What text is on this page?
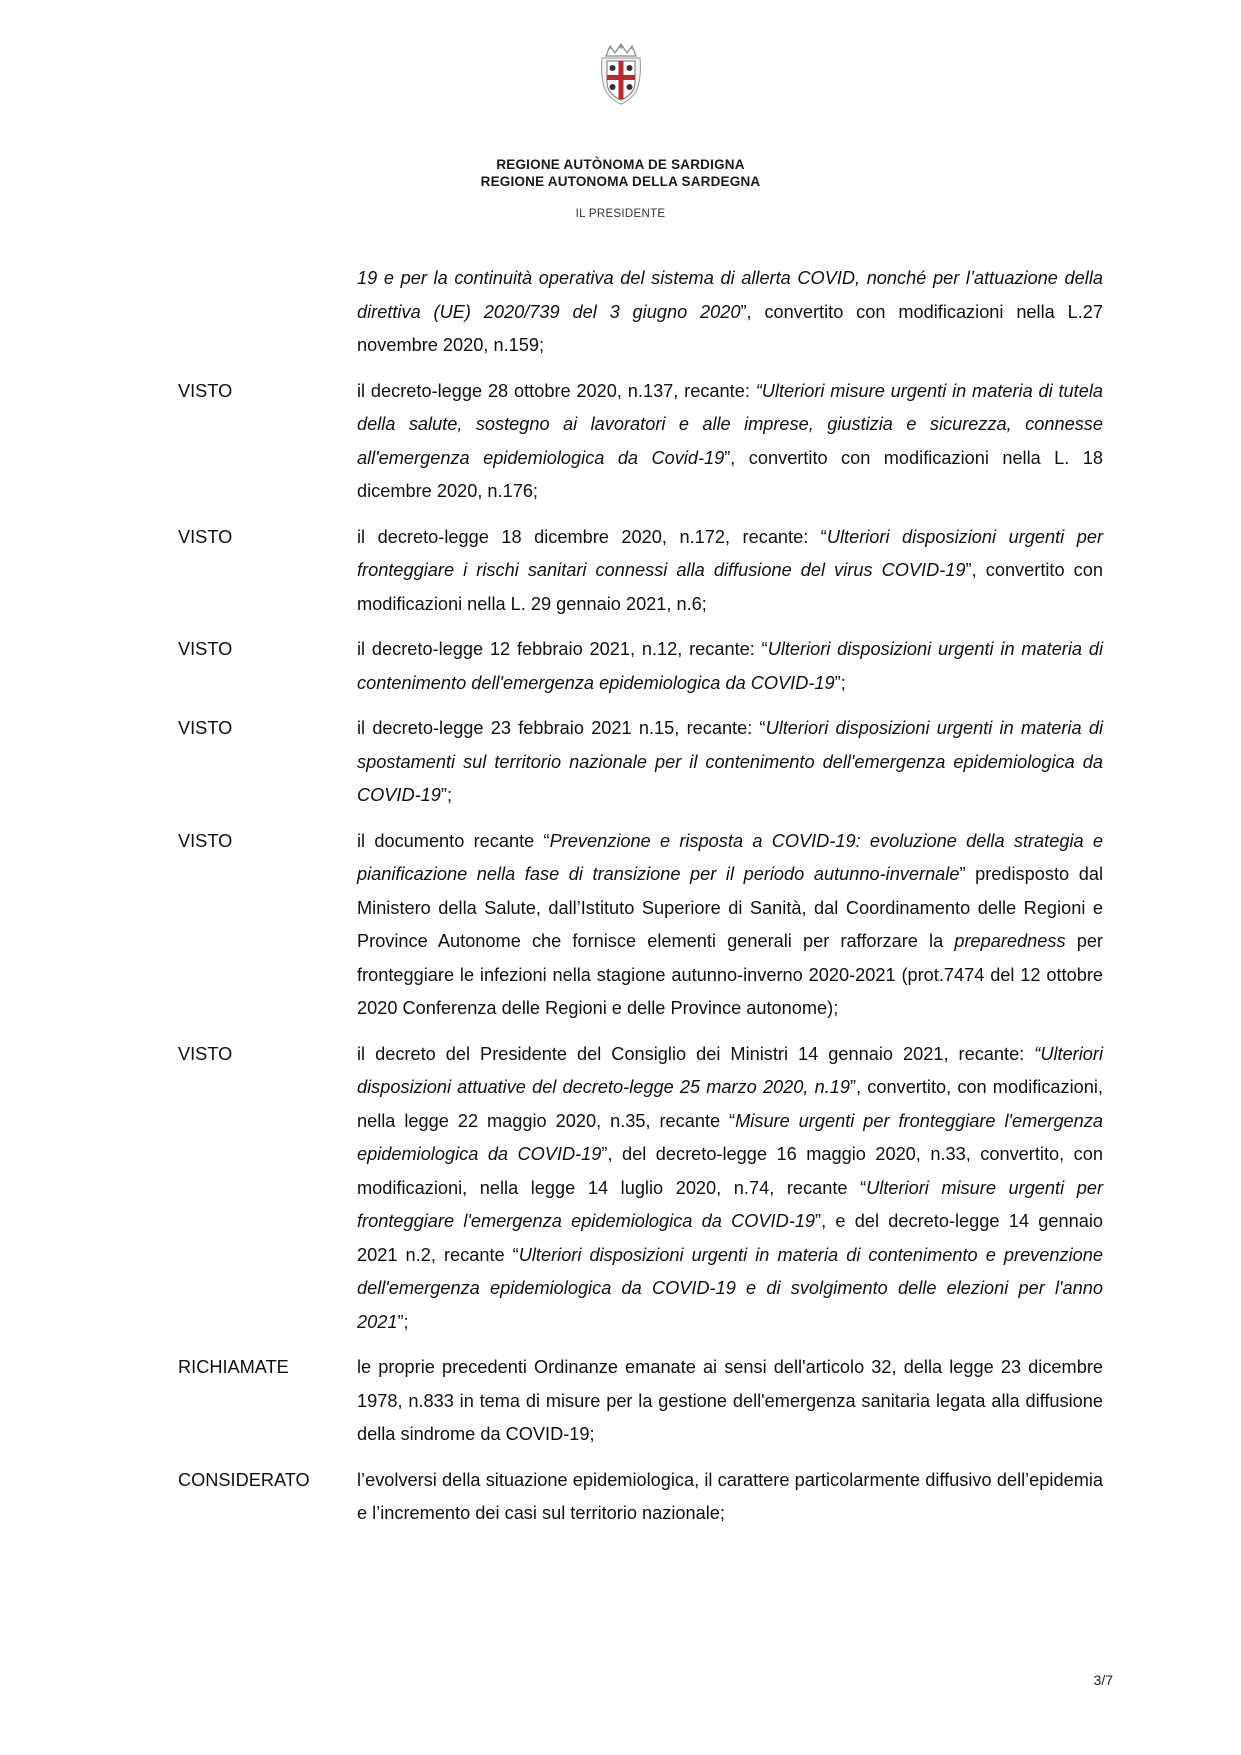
REGIONE AUTÒNOMA DE SARDIGNA
REGIONE AUTONOMA DELLA SARDEGNA
IL PRESIDENTE
19 e per la continuità operativa del sistema di allerta COVID, nonché per l’attuazione della direttiva (UE) 2020/739 del 3 giugno 2020”, convertito con modificazioni nella L.27 novembre 2020, n.159;
VISTO	il decreto-legge 28 ottobre 2020, n.137, recante: “Ulteriori misure urgenti in materia di tutela della salute, sostegno ai lavoratori e alle imprese, giustizia e sicurezza, connesse all'emergenza epidemiologica da Covid-19”, convertito con modificazioni nella L. 18 dicembre 2020, n.176;
VISTO	il decreto-legge 18 dicembre 2020, n.172, recante: “Ulteriori disposizioni urgenti per fronteggiare i rischi sanitari connessi alla diffusione del virus COVID-19”, convertito con modificazioni nella L. 29 gennaio 2021, n.6;
VISTO	il decreto-legge 12 febbraio 2021, n.12, recante: “Ulteriori disposizioni urgenti in materia di contenimento dell'emergenza epidemiologica da COVID-19”;
VISTO	il decreto-legge 23 febbraio 2021 n.15, recante: “Ulteriori disposizioni urgenti in materia di spostamenti sul territorio nazionale per il contenimento dell'emergenza epidemiologica da COVID-19”;
VISTO	il documento recante “Prevenzione e risposta a COVID-19: evoluzione della strategia e pianificazione nella fase di transizione per il periodo autunno-invernale” predisposto dal Ministero della Salute, dall’Istituto Superiore di Sanità, dal Coordinamento delle Regioni e Province Autonome che fornisce elementi generali per rafforzare la preparedness per fronteggiare le infezioni nella stagione autunno-inverno 2020-2021 (prot.7474 del 12 ottobre 2020 Conferenza delle Regioni e delle Province autonome);
VISTO	il decreto del Presidente del Consiglio dei Ministri 14 gennaio 2021, recante: “Ulteriori disposizioni attuative del decreto-legge 25 marzo 2020, n.19”, convertito, con modificazioni, nella legge 22 maggio 2020, n.35, recante “Misure urgenti per fronteggiare l'emergenza epidemiologica da COVID-19”, del decreto-legge 16 maggio 2020, n.33, convertito, con modificazioni, nella legge 14 luglio 2020, n.74, recante “Ulteriori misure urgenti per fronteggiare l'emergenza epidemiologica da COVID-19”, e del decreto-legge 14 gennaio 2021 n.2, recante “Ulteriori disposizioni urgenti in materia di contenimento e prevenzione dell'emergenza epidemiologica da COVID-19 e di svolgimento delle elezioni per l'anno 2021”;
RICHIAMATE	le proprie precedenti Ordinanze emanate ai sensi dell'articolo 32, della legge 23 dicembre 1978, n.833 in tema di misure per la gestione dell'emergenza sanitaria legata alla diffusione della sindrome da COVID-19;
CONSIDERATO	l’evolversi della situazione epidemiologica, il carattere particolarmente diffusivo dell’epidemia e l’incremento dei casi sul territorio nazionale;
3/7
